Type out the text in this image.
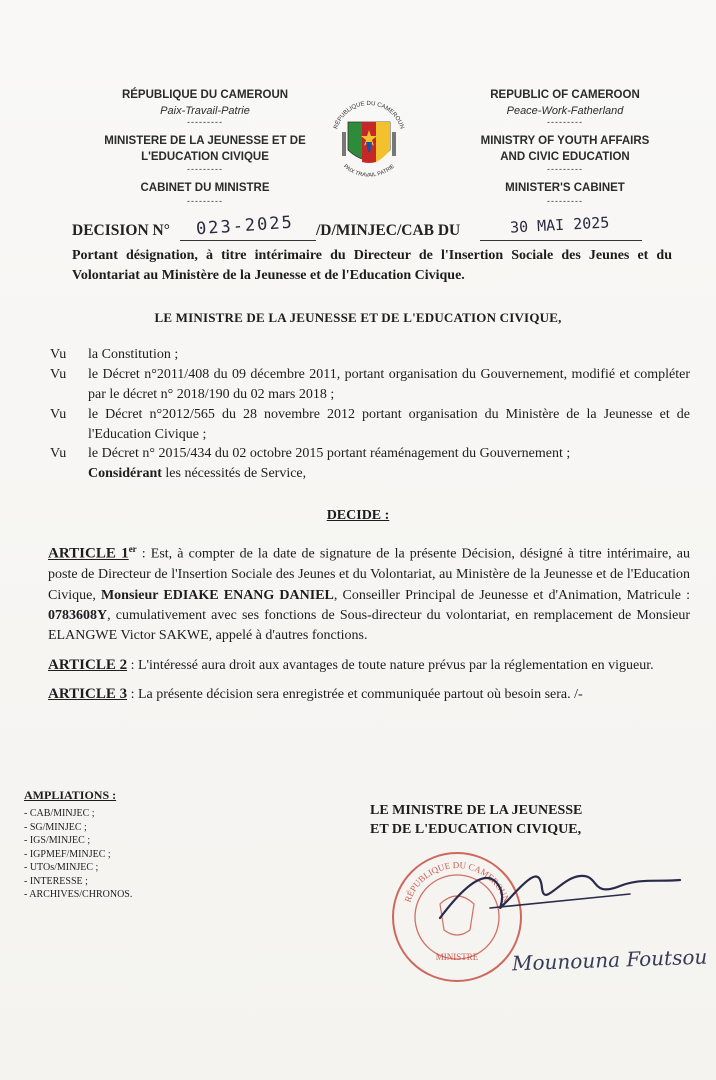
RÉPUBLIQUE DU CAMEROUN
Paix-Travail-Patrie
---------
MINISTERE DE LA JEUNESSE ET DE
L'EDUCATION CIVIQUE
---------
CABINET DU MINISTRE
---------
RÉPUBLIQUE DU CAMEROUN
PAIX TRAVAIL PATRIE
REPUBLIC OF CAMEROON
Peace-Work-Fatherland
---------
MINISTRY OF YOUTH AFFAIRS
AND CIVIC EDUCATION
---------
MINISTER'S CABINET
---------
DECISION N° 023-2025 /D/MINJEC/CAB DU	30 MAI 2025
Portant désignation, à titre intérimaire du Directeur de l'Insertion Sociale des Jeunes et du Volontariat au Ministère de la Jeunesse et de l'Education Civique.
LE MINISTRE DE LA JEUNESSE ET DE L'EDUCATION CIVIQUE,
Vu	la Constitution ;
Vu	le Décret n°2011/408 du 09 décembre 2011, portant organisation du Gouvernement, modifié et compléter par le décret n° 2018/190 du 02 mars 2018 ;
Vu	le Décret n°2012/565 du 28 novembre 2012 portant organisation du Ministère de la Jeunesse et de l'Education Civique ;
Vu	le Décret n° 2015/434 du 02 octobre 2015 portant réaménagement du Gouvernement ;
Considérant les nécessités de Service,
DECIDE :
ARTICLE 1er : Est, à compter de la date de signature de la présente Décision, désigné à titre intérimaire, au poste de Directeur de l'Insertion Sociale des Jeunes et du Volontariat, au Ministère de la Jeunesse et de l'Education Civique, Monsieur EDIAKE ENANG DANIEL, Conseiller Principal de Jeunesse et d'Animation, Matricule : 0783608Y, cumulativement avec ses fonctions de Sous-directeur du volontariat, en remplacement de Monsieur ELANGWE Victor SAKWE, appelé à d'autres fonctions.
ARTICLE 2 : L'intéressé aura droit aux avantages de toute nature prévus par la réglementation en vigueur.
ARTICLE 3 : La présente décision sera enregistrée et communiquée partout où besoin sera. /-
AMPLIATIONS :
- CAB/MINJEC ;
- SG/MINJEC ;
- IGS/MINJEC ;
- IGPMEF/MINJEC ;
- UTOs/MINJEC ;
- INTERESSE ;
- ARCHIVES/CHRONOS.
LE MINISTRE DE LA JEUNESSE
ET DE L'EDUCATION CIVIQUE,
RÉPUBLIQUE DU CAMEROUN
MINISTRE Mounouna Foutsou
